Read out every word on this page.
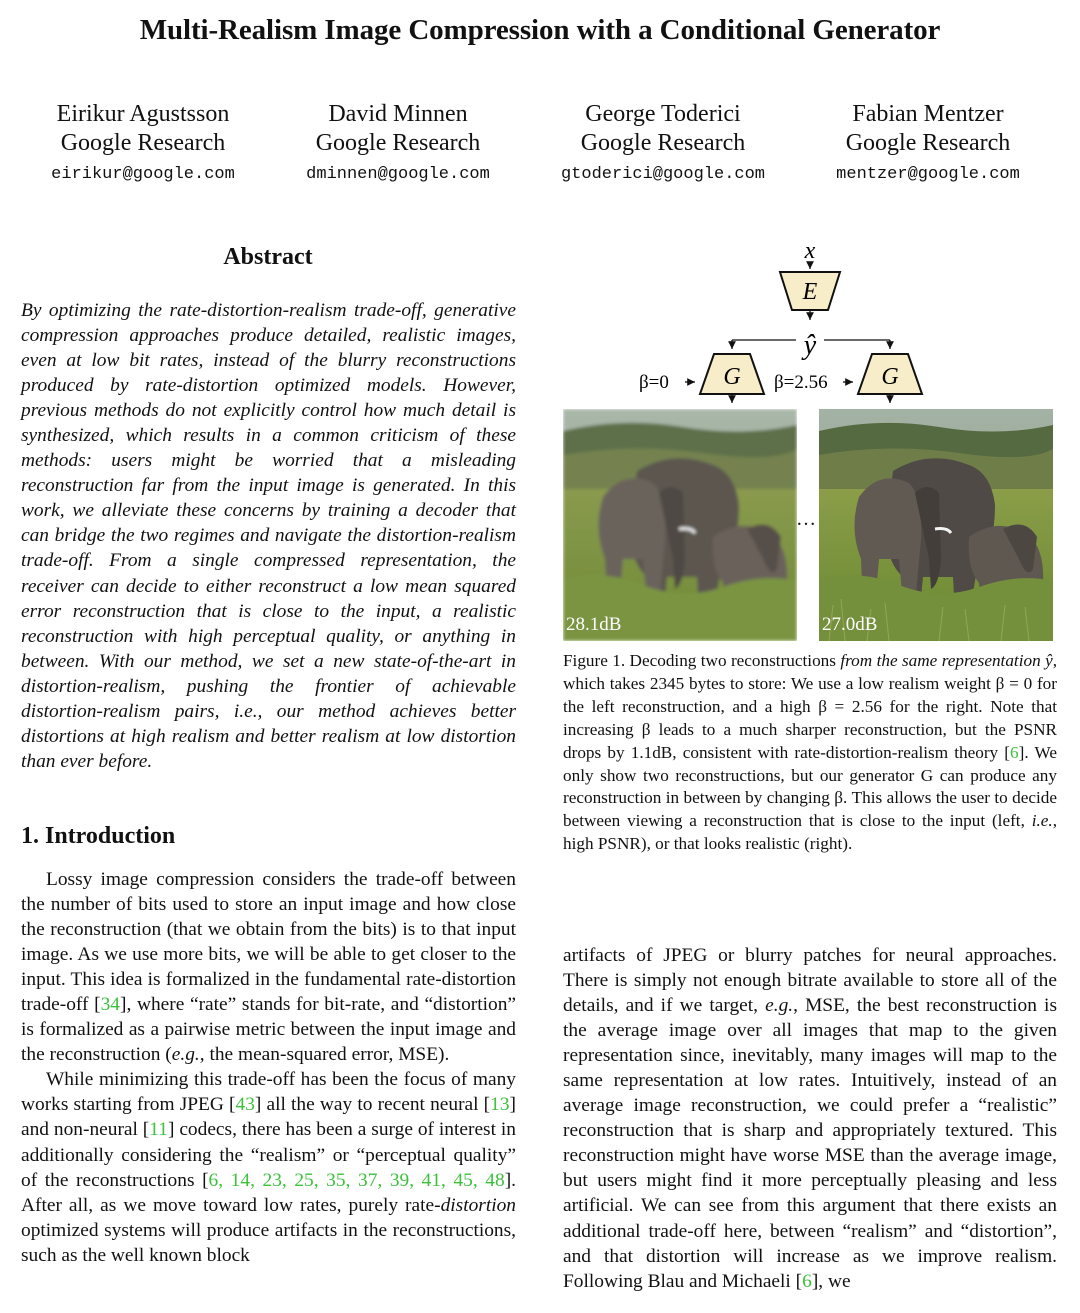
Multi-Realism Image Compression with a Conditional Generator
Eirikur Agustsson
Google Research
eirikur@google.com
David Minnen
Google Research
dminnen@google.com
George Toderici
Google Research
gtoderici@google.com
Fabian Mentzer
Google Research
mentzer@google.com
Abstract

By optimizing the rate-distortion-realism trade-off, generative compression approaches produce detailed, realistic images, even at low bit rates, instead of the blurry reconstructions produced by rate-distortion optimized models. However, previous methods do not explicitly control how much detail is synthesized, which results in a common criticism of these methods: users might be worried that a misleading reconstruction far from the input image is generated. In this work, we alleviate these concerns by training a decoder that can bridge the two regimes and navigate the distortion-realism trade-off. From a single compressed representation, the receiver can decide to either reconstruct a low mean squared error reconstruction that is close to the input, a realistic reconstruction with high perceptual quality, or anything in between. With our method, we set a new state-of-the-art in distortion-realism, pushing the frontier of achievable distortion-realism pairs, i.e., our method achieves better distortions at high realism and better realism at low distortion than ever before.

1. Introduction

Lossy image compression considers the trade-off between the number of bits used to store an input image and how close the reconstruction (that we obtain from the bits) is to that input image. As we use more bits, we will be able to get closer to the input. This idea is formalized in the fundamental rate-distortion trade-off [34], where “rate” stands for bit-rate, and “distortion” is formalized as a pairwise metric between the input image and the reconstruction (e.g., the mean-squared error, MSE).

While minimizing this trade-off has been the focus of many works starting from JPEG [43] all the way to recent neural [13] and non-neural [11] codecs, there has been a surge of interest in additionally considering the “realism” or “perceptual quality” of the reconstructions [6, 14, 23, 25, 35, 37, 39, 41, 45, 48]. After all, as we move toward low rates, purely rate-distortion optimized systems will produce artifacts in the reconstructions, such as the well known block

artifacts of JPEG or blurry patches for neural approaches. There is simply not enough bitrate available to store all of the details, and if we target, e.g., MSE, the best reconstruction is the average image over all images that map to the given representation since, inevitably, many images will map to the same representation at low rates. Intuitively, instead of an average image reconstruction, we could prefer a “realistic” reconstruction that is sharp and appropriately textured. This reconstruction might have worse MSE than the average image, but users might find it more perceptually pleasing and less artificial. We can see from this argument that there exists an additional trade-off here, between “realism” and “distortion”, and that distortion will increase as we improve realism. Following Blau and Michaeli [6], we

x
E
ŷ
G	G
β=0	β=2.56
28.1dB
…
27.0dB

Figure 1. Decoding two reconstructions from the same representation ŷ, which takes 2345 bytes to store: We use a low realism weight β = 0 for the left reconstruction, and a high β = 2.56 for the right. Note that increasing β leads to a much sharper reconstruction, but the PSNR drops by 1.1dB, consistent with rate-distortion-realism theory [6]. We only show two reconstructions, but our generator G can produce any reconstruction in between by changing β. This allows the user to decide between viewing a reconstruction that is close to the input (left, i.e., high PSNR), or that looks realistic (right).
